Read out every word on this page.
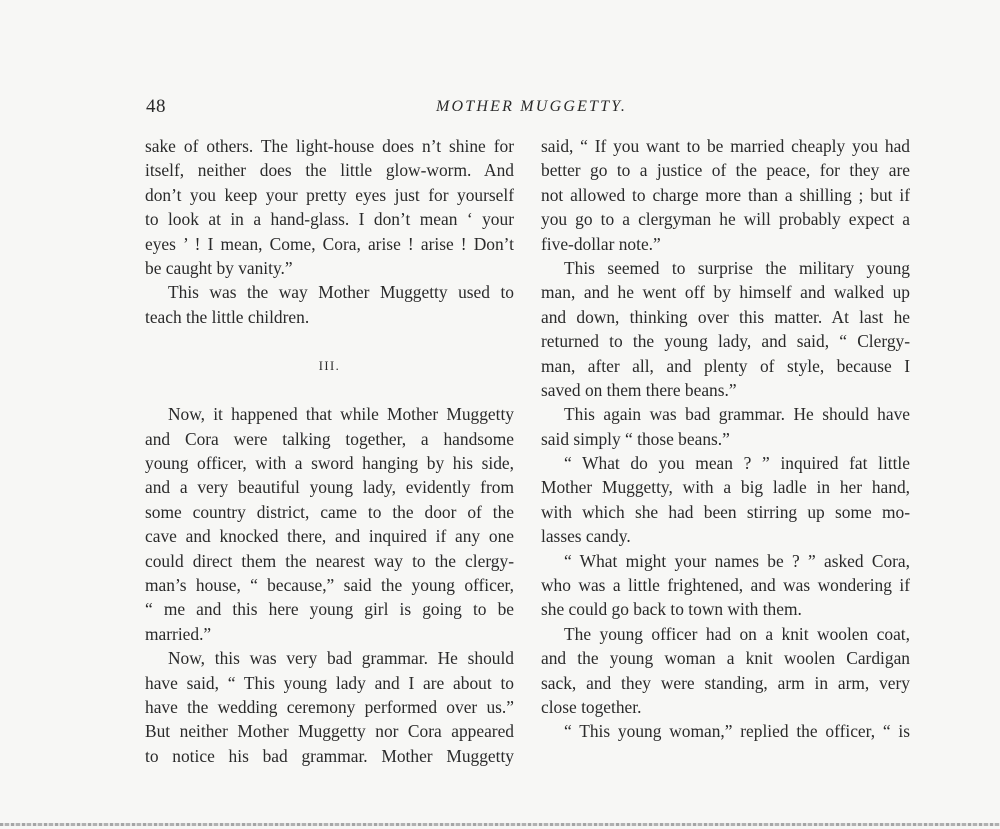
48	MOTHER MUGGETTY.
sake of others. The light-house does n’t shine for
itself, neither does the little glow-worm. And
don’t you keep your pretty eyes just for yourself
to look at in a hand-glass. I don’t mean ‘ your
eyes ’ ! I mean, Come, Cora, arise ! arise ! Don’t
be caught by vanity.”
This was the way Mother Muggetty used to
teach the little children.
III.
Now, it happened that while Mother Muggetty
and Cora were talking together, a handsome
young officer, with a sword hanging by his side,
and a very beautiful young lady, evidently from
some country district, came to the door of the
cave and knocked there, and inquired if any one
could direct them the nearest way to the clergy-
man’s house, “ because,” said the young officer,
“ me and this here young girl is going to be
married.”
Now, this was very bad grammar. He should
have said, “ This young lady and I are about to
have the wedding ceremony performed over us.”
But neither Mother Muggetty nor Cora appeared
to notice his bad grammar. Mother Muggetty
said, “ If you want to be married cheaply you had
better go to a justice of the peace, for they are
not allowed to charge more than a shilling ; but if
you go to a clergyman he will probably expect a
five-dollar note.”
This seemed to surprise the military young
man, and he went off by himself and walked up
and down, thinking over this matter. At last he
returned to the young lady, and said, “ Clergy-
man, after all, and plenty of style, because I
saved on them there beans.”
This again was bad grammar. He should have
said simply “ those beans.”
“ What do you mean ? ” inquired fat little
Mother Muggetty, with a big ladle in her hand,
with which she had been stirring up some mo-
lasses candy.
“ What might your names be ? ” asked Cora,
who was a little frightened, and was wondering if
she could go back to town with them.
The young officer had on a knit woolen coat,
and the young woman a knit woolen Cardigan
sack, and they were standing, arm in arm, very
close together.
“ This young woman,” replied the officer, “ is
